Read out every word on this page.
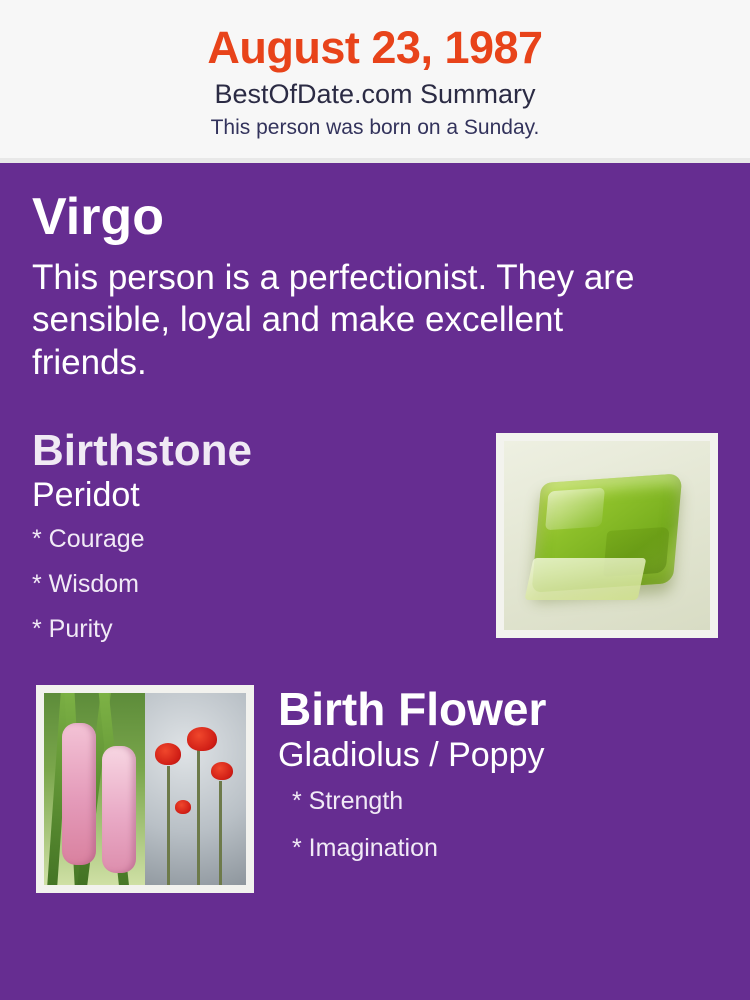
August 23, 1987
BestOfDate.com Summary
This person was born on a Sunday.
Virgo
This person is a perfectionist. They are sensible, loyal and make excellent friends.
Birthstone
Peridot
* Courage
* Wisdom
* Purity
Birth Flower
Gladiolus / Poppy
* Strength
* Imagination
